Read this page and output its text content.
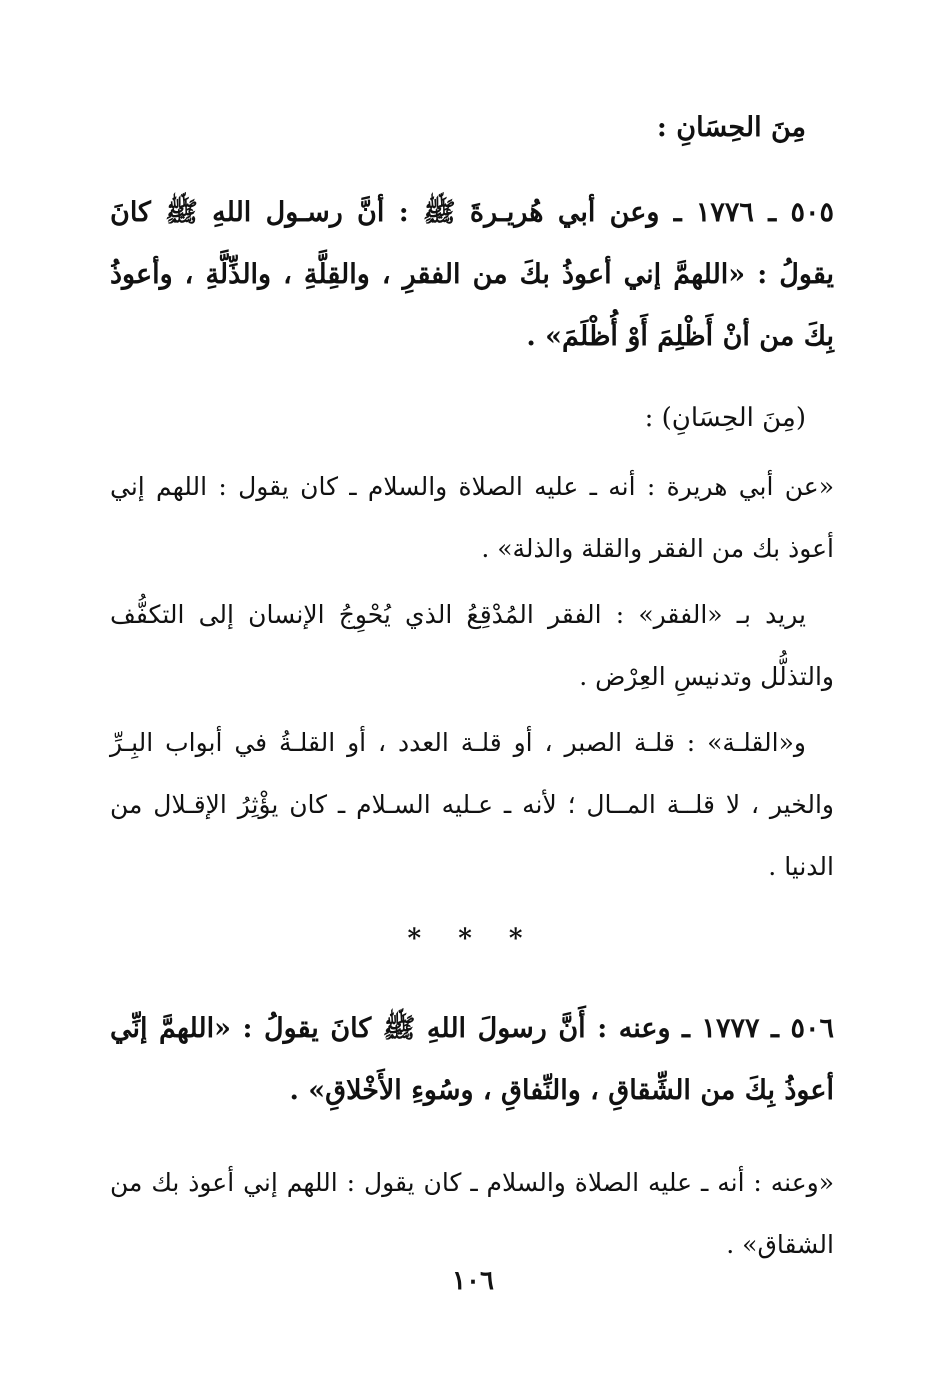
مِنَ الحِسَانِ :

٥٠٥ ـ ١٧٧٦ ـ وعن أبي هُريـرةَ ﷺ : أنَّ رسـول اللهِ ﷺ كانَ يقولُ : «اللهمَّ إني أعوذُ بكَ من الفقرِ ، والقِلَّةِ ، والذِّلَّةِ ، وأعوذُ بِكَ من أنْ أَظْلِمَ أَوْ أُظْلَمَ» .

(مِنَ الحِسَانِ) :

«عن أبي هريرة : أنه ـ عليه الصلاة والسلام ـ كان يقول : اللهم إني أعوذ بك من الفقر والقلة والذلة» .

يريد بـ «الفقر» : الفقر المُدْقِعُ الذي يُحْوِجُ الإنسان إلى التكفُّف والتذلُّل وتدنيسِ العِرْض .

و«القلـة» : قلـة الصبر ، أو قلـة العدد ، أو القلـةُ في أبواب البِـرِّ والخير ، لا قلــة المــال ؛ لأنه ـ عـليه السـلام ـ كان يؤْثِرُ الإقـلال من الدنيا .

* * *

٥٠٦ ـ ١٧٧٧ ـ وعنه : أَنَّ رسولَ اللهِ ﷺ كانَ يقولُ : «اللهمَّ إنِّي أعوذُ بِكَ من الشِّقاقِ ، والنِّفاقِ ، وسُوءِ الأَخْلاقِ» .

«وعنه : أنه ـ عليه الصلاة والسلام ـ كان يقول : اللهم إني أعوذ بك من الشقاق» .

١٠٦
